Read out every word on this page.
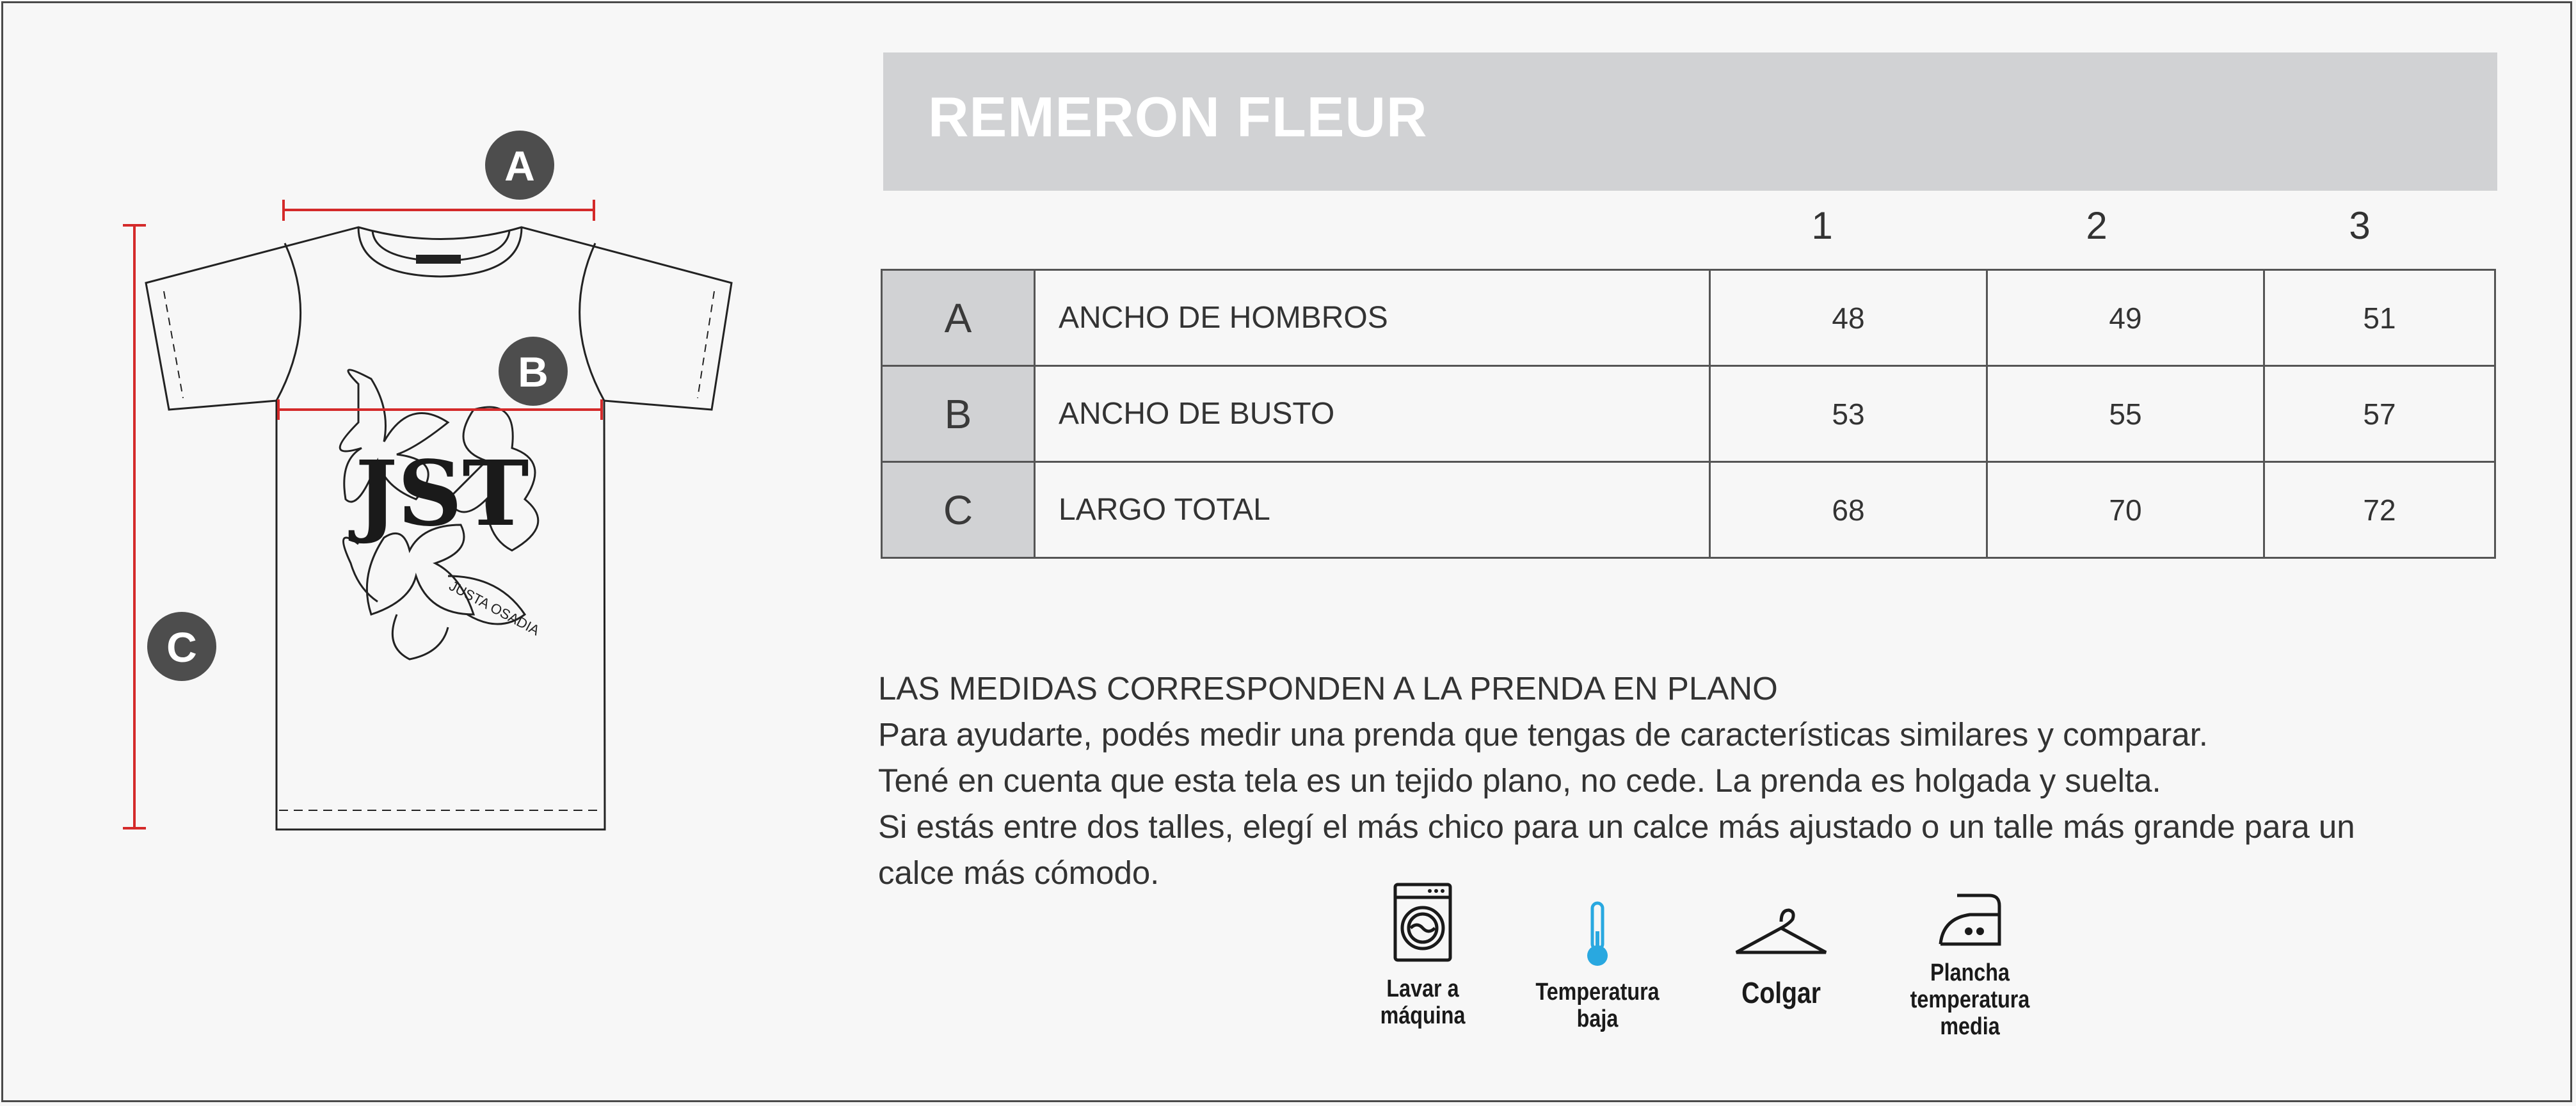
JST
JUSTA OSADIA
A
B
C
REMERON FLEUR
1	2	3
A	ANCHO DE HOMBROS	48	49	51
B	ANCHO DE BUSTO	53	55	57
C	LARGO TOTAL	68	70	72
LAS MEDIDAS CORRESPONDEN A LA PRENDA EN PLANO
Para ayudarte, podés medir una prenda que tengas de características similares y comparar.
Tené en cuenta que esta tela es un tejido plano, no cede. La prenda es holgada y suelta.
Si estás entre dos talles, elegí el más chico para un calce más ajustado o un talle más grande para un
calce más cómodo.
Lavar a
máquina
Temperatura
baja
Colgar
Plancha
temperatura
media
